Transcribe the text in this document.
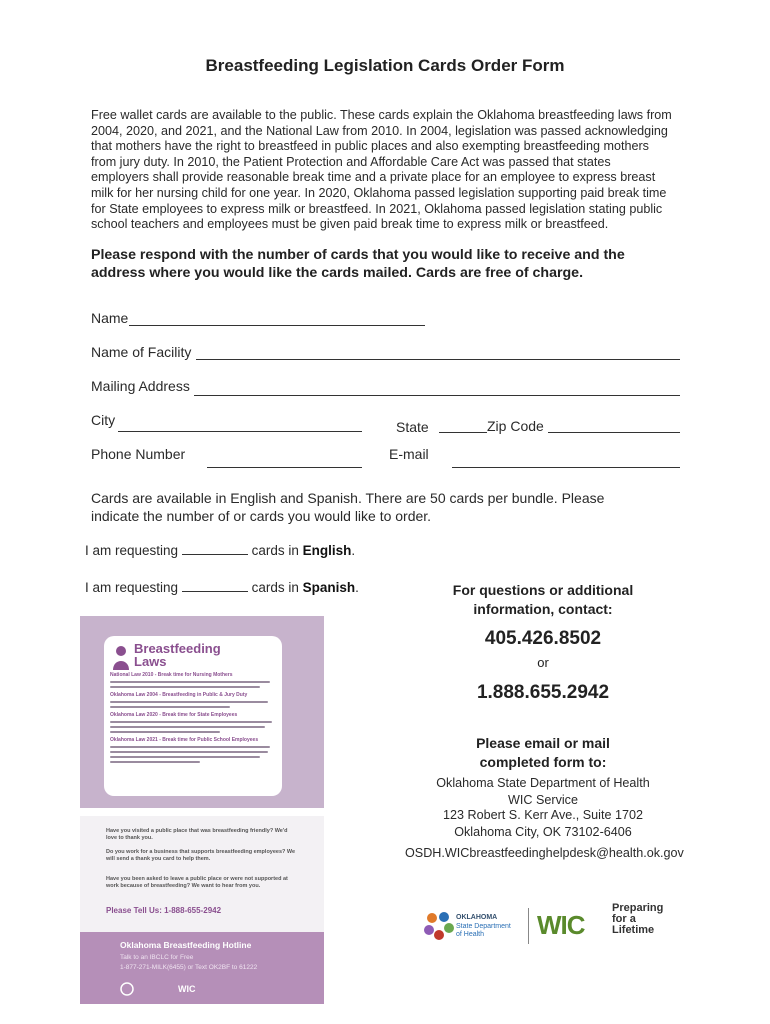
Breastfeeding Legislation Cards Order Form
Free wallet cards are available to the public. These cards explain the Oklahoma breastfeeding laws from
2004, 2020, and 2021, and the National Law from 2010. In 2004, legislation was passed acknowledging
that mothers have the right to breastfeed in public places and also exempting breastfeeding mothers
from jury duty. In 2010, the Patient Protection and Affordable Care Act was passed that states
employers shall provide reasonable break time and a private place for an employee to express breast
milk for her nursing child for one year. In 2020, Oklahoma passed legislation supporting paid break time
for State employees to express milk or breastfeed. In 2021, Oklahoma passed legislation stating public
school teachers and employees must be given paid break time to express milk or breastfeed.
Please respond with the number of cards that you would like to receive and the
address where you would like the cards mailed. Cards are free of charge.
Name
Name of Facility
Mailing Address
City	State	Zip Code
Phone Number	E-mail
Cards are available in English and Spanish. There are 50 cards per bundle. Please
indicate the number of or cards you would like to order.
I am requesting	cards in English.
I am requesting	cards in Spanish.	For questions or additional
information, contact:
405.426.8502
or
1.888.655.2942
Please email or mail
completed form to:
Oklahoma State Department of Health
WIC Service
123 Robert S. Kerr Ave., Suite 1702
Oklahoma City, OK 73102-6406
OSDH.WICbreastfeedinghelpdesk@health.ok.gov
Breastfeeding
Laws
National Law 2010 - Break time for Nursing Mothers
Oklahoma Law 2004 - Breastfeeding in Public & Jury Duty
Oklahoma Law 2020 - Break time for State Employees
Oklahoma Law 2021 - Break time for Public School Employees
Have you visited a public place that was breastfeeding friendly? We'd love to thank you.
Do you work for a business that supports breastfeeding employees? We will send a thank you card to help them.
Have you been asked to leave a public place or were not supported at work because of breastfeeding? We want to hear from you.
Please Tell Us: 1-888-655-2942
Oklahoma Breastfeeding Hotline
Talk to an IBCLC for Free
1-877-271-MILK(6455) or Text OK2BF to 61222
WIC
OKLAHOMA
State Department
of Health WIC
Preparing
for a
Lifetime
